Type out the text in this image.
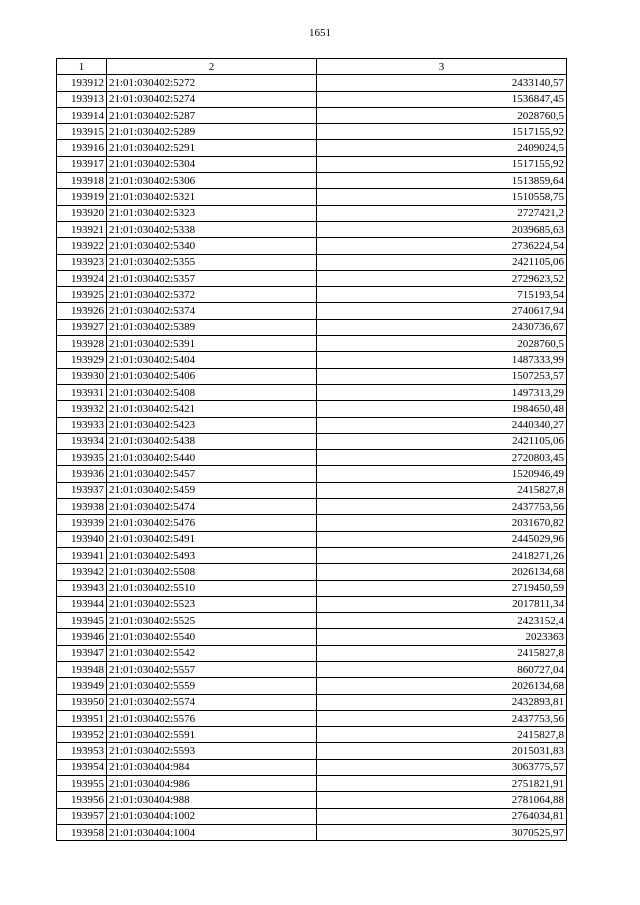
1651
1	2	3
193912	21:01:030402:5272	2433140,57
193913	21:01:030402:5274	1536847,45
193914	21:01:030402:5287	2028760,5
193915	21:01:030402:5289	1517155,92
193916	21:01:030402:5291	2409024,5
193917	21:01:030402:5304	1517155,92
193918	21:01:030402:5306	1513859,64
193919	21:01:030402:5321	1510558,75
193920	21:01:030402:5323	2727421,2
193921	21:01:030402:5338	2039685,63
193922	21:01:030402:5340	2736224,54
193923	21:01:030402:5355	2421105,06
193924	21:01:030402:5357	2729623,52
193925	21:01:030402:5372	715193,54
193926	21:01:030402:5374	2740617,94
193927	21:01:030402:5389	2430736,67
193928	21:01:030402:5391	2028760,5
193929	21:01:030402:5404	1487333,99
193930	21:01:030402:5406	1507253,57
193931	21:01:030402:5408	1497313,29
193932	21:01:030402:5421	1984650,48
193933	21:01:030402:5423	2440340,27
193934	21:01:030402:5438	2421105,06
193935	21:01:030402:5440	2720803,45
193936	21:01:030402:5457	1520946,49
193937	21:01:030402:5459	2415827,8
193938	21:01:030402:5474	2437753,56
193939	21:01:030402:5476	2031670,82
193940	21:01:030402:5491	2445029,96
193941	21:01:030402:5493	2418271,26
193942	21:01:030402:5508	2026134,68
193943	21:01:030402:5510	2719450,59
193944	21:01:030402:5523	2017811,34
193945	21:01:030402:5525	2423152,4
193946	21:01:030402:5540	2023363
193947	21:01:030402:5542	2415827,8
193948	21:01:030402:5557	860727,04
193949	21:01:030402:5559	2026134,68
193950	21:01:030402:5574	2432893,81
193951	21:01:030402:5576	2437753,56
193952	21:01:030402:5591	2415827,8
193953	21:01:030402:5593	2015031,83
193954	21:01:030404:984	3063775,57
193955	21:01:030404:986	2751821,91
193956	21:01:030404:988	2781064,88
193957	21:01:030404:1002	2764034,81
193958	21:01:030404:1004	3070525,97
